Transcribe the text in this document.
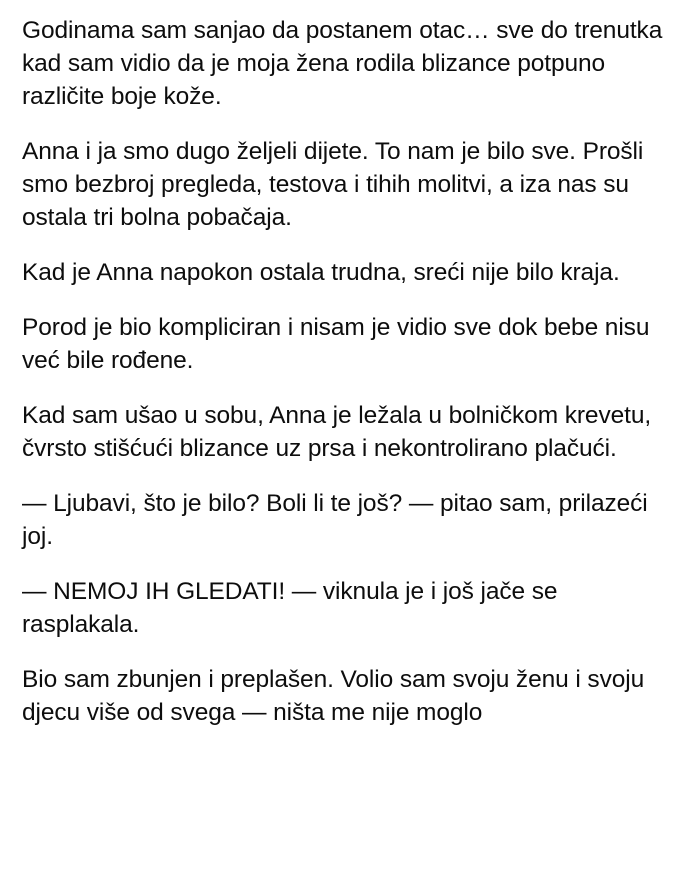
Godinama sam sanjao da postanem otac… sve do trenutka kad sam vidio da je moja žena rodila blizance potpuno različite boje kože.

Anna i ja smo dugo željeli dijete. To nam je bilo sve. Prošli smo bezbroj pregleda, testova i tihih molitvi, a iza nas su ostala tri bolna pobačaja.

Kad je Anna napokon ostala trudna, sreći nije bilo kraja.

Porod je bio kompliciran i nisam je vidio sve dok bebe nisu već bile rođene.

Kad sam ušao u sobu, Anna je ležala u bolničkom krevetu, čvrsto stišćući blizance uz prsa i nekontrolirano plačući.

— Ljubavi, što je bilo? Boli li te još? — pitao sam, prilazeći joj.

— NEMOJ IH GLEDATI! — viknula je i još jače se rasplakala.

Bio sam zbunjen i preplašen. Volio sam svoju ženu i svoju djecu više od svega — ništa me nije moglo
